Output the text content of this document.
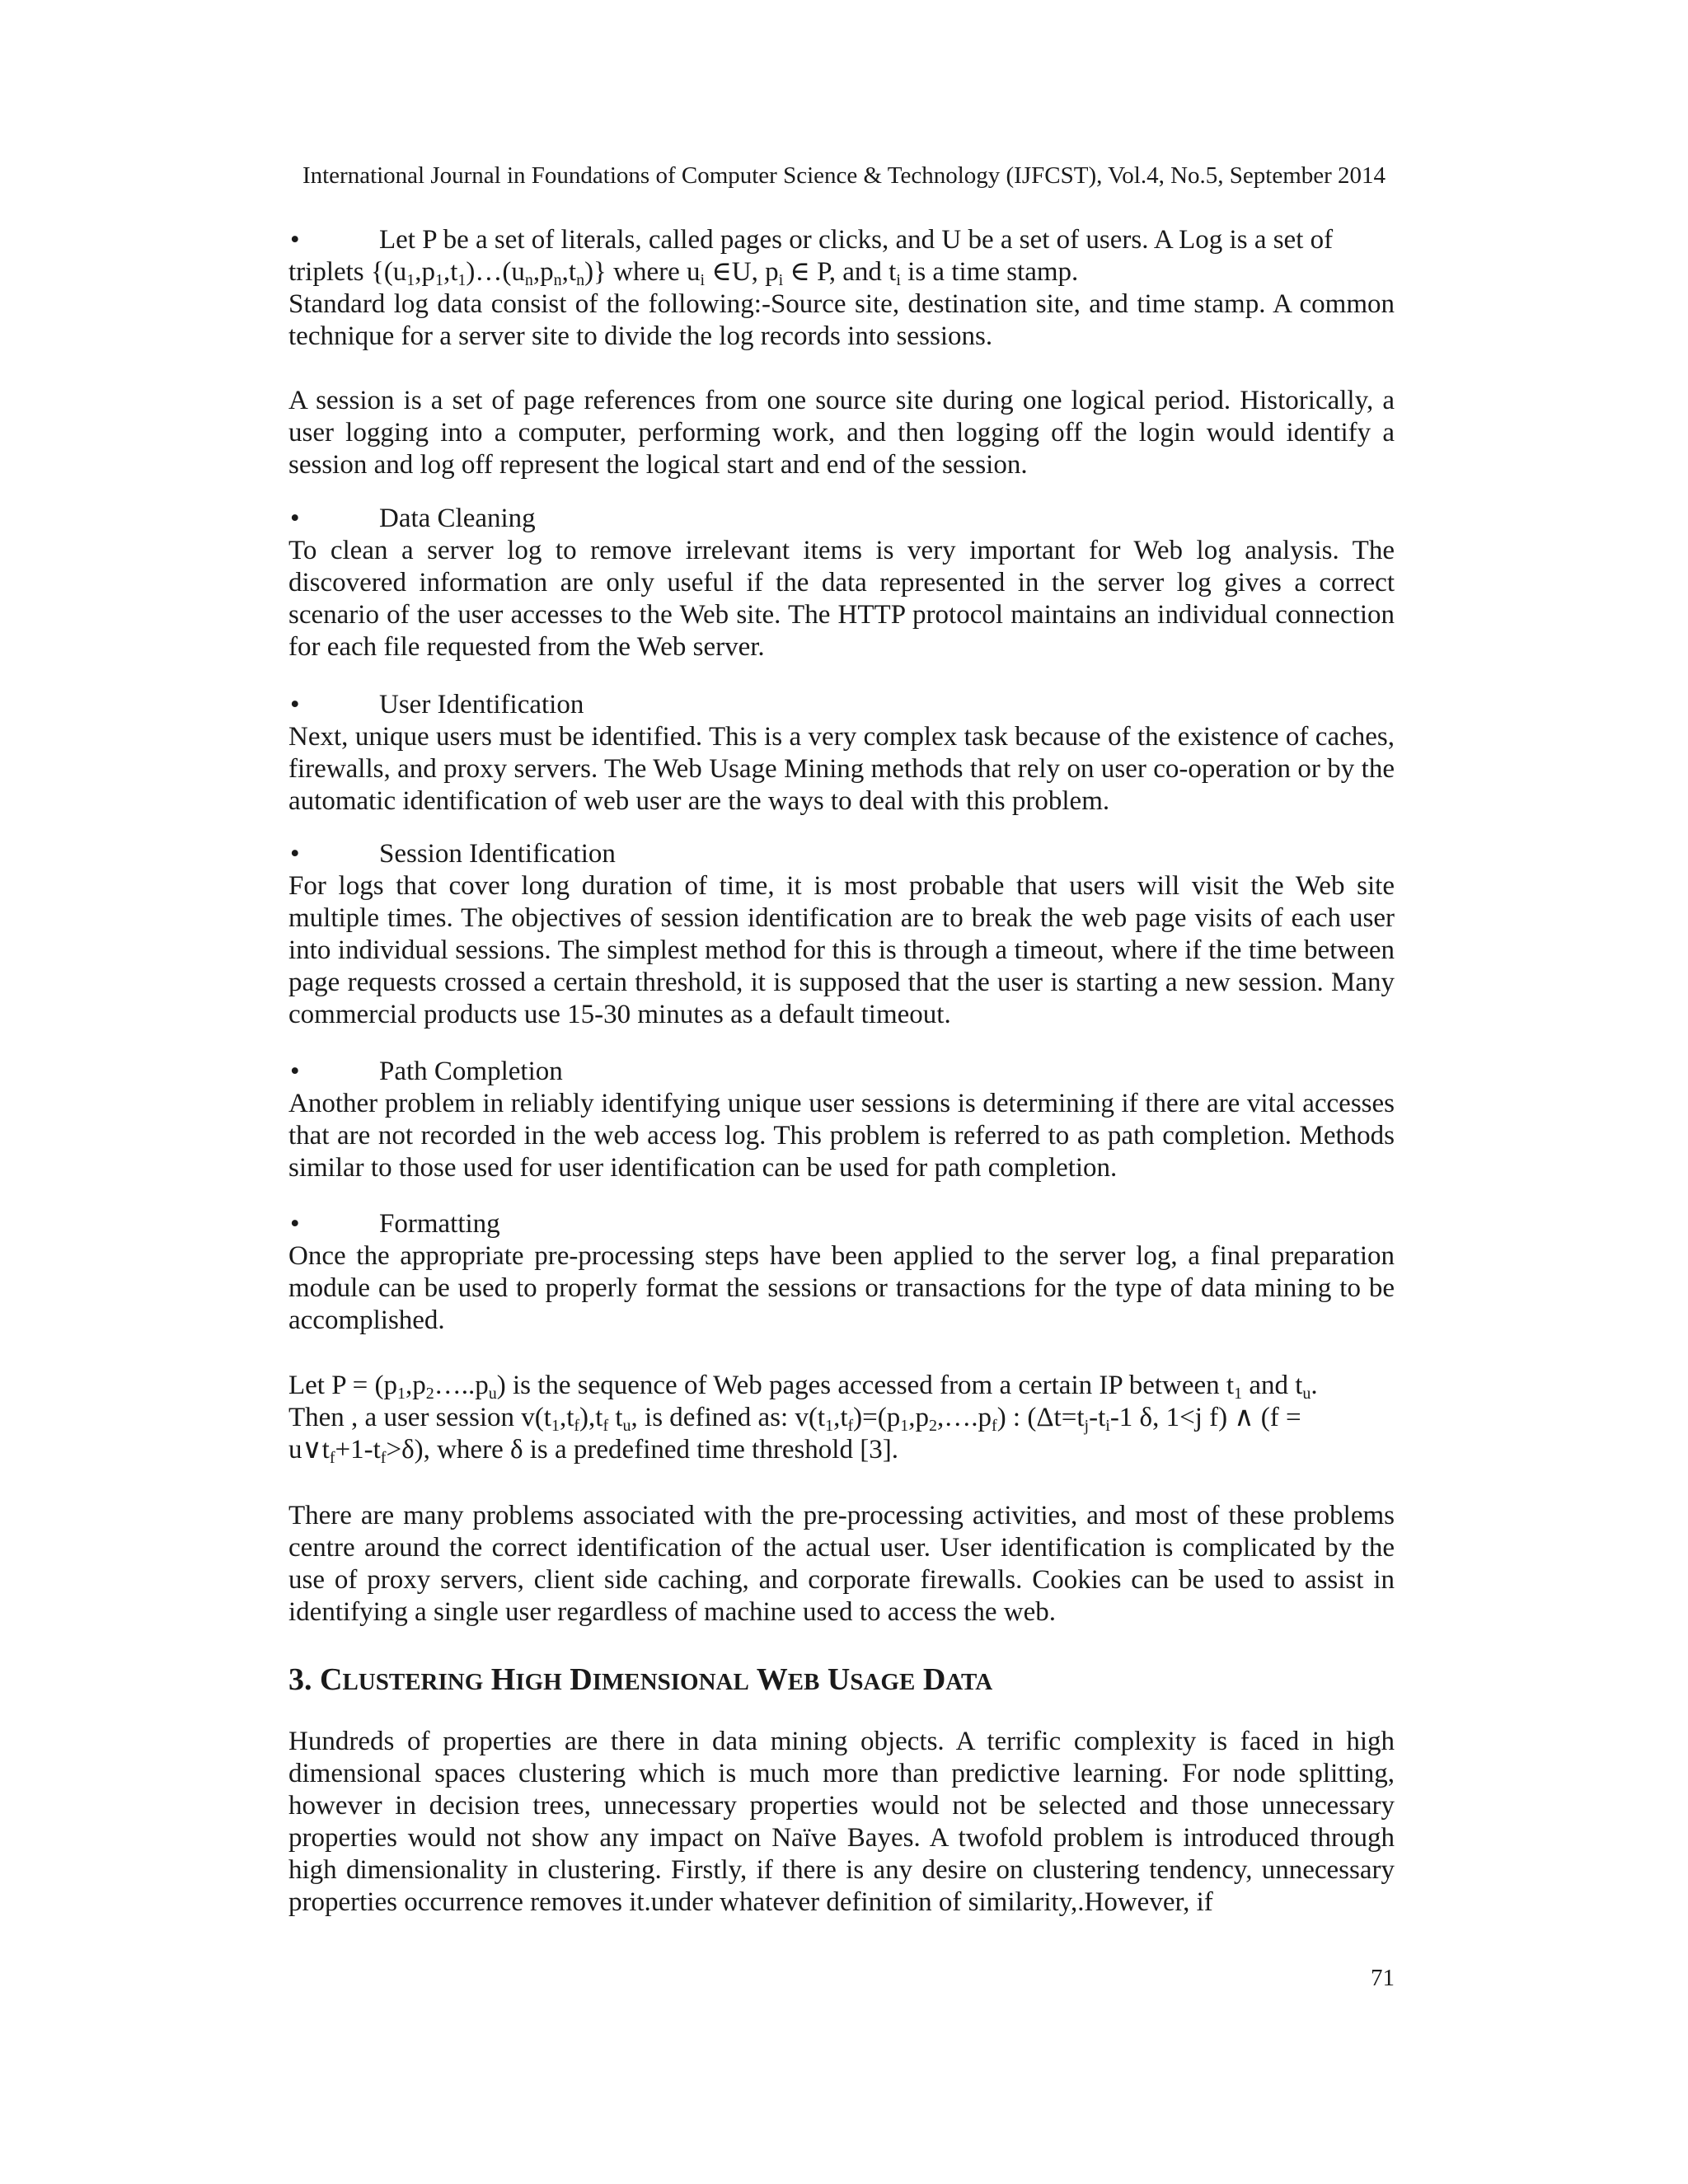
International Journal in Foundations of Computer Science & Technology (IJFCST), Vol.4, No.5, September 2014
•	Let P be a set of literals, called pages or clicks, and U be a set of users. A Log is a set of
triplets $\{(u_1,p_1,t_1)\dots(u_n,p_n,t_n)\}$ where $u_i$ ∈U, $p_i$ ∈ P, and $t_i$ is a time stamp.
Standard log data consist of the following:-Source site, destination site, and time stamp. A common technique for a server site to divide the log records into sessions.
A session is a set of page references from one source site during one logical period. Historically, a user logging into a computer, performing work, and then logging off the login would identify a session and log off represent the logical start and end of the session.
•	Data Cleaning
To clean a server log to remove irrelevant items is very important for Web log analysis. The discovered information are only useful if the data represented in the server log gives a correct scenario of the user accesses to the Web site. The HTTP protocol maintains an individual connection for each file requested from the Web server.
•	User Identification
Next, unique users must be identified. This is a very complex task because of the existence of caches, firewalls, and proxy servers. The Web Usage Mining methods that rely on user co-operation or by the automatic identification of web user are the ways to deal with this problem.
•	Session Identification
For logs that cover long duration of time, it is most probable that users will visit the Web site multiple times. The objectives of session identification are to break the web page visits of each user into individual sessions. The simplest method for this is through a timeout, where if the time between page requests crossed a certain threshold, it is supposed that the user is starting a new session. Many commercial products use 15-30 minutes as a default timeout.
•	Path Completion
Another problem in reliably identifying unique user sessions is determining if there are vital accesses that are not recorded in the web access log. This problem is referred to as path completion. Methods similar to those used for user identification can be used for path completion.
•	Formatting
Once the appropriate pre-processing steps have been applied to the server log, a final preparation module can be used to properly format the sessions or transactions for the type of data mining to be accomplished.
Let $P = (p_1,p_2\dots..p_u)$ is the sequence of Web pages accessed from a certain IP between $t_1$ and $t_u$.
Then , a user session $v(t_1,t_f),t_f$ $t_u$, is defined as: $v(t_1,t_f)=(p_1,p_2,\dots.p_f)$ : ($\Delta t=t_j-t_i-1$ δ, 1<j f) ∧ (f =
$u\vee t_f+1-t_f>\delta$), where δ is a predefined time threshold [3].
There are many problems associated with the pre-processing activities, and most of these problems centre around the correct identification of the actual user. User identification is complicated by the use of proxy servers, client side caching, and corporate firewalls. Cookies can be used to assist in identifying a single user regardless of machine used to access the web.
3. CLUSTERING HIGH DIMENSIONAL WEB USAGE DATA
Hundreds of properties are there in data mining objects. A terrific complexity is faced in high dimensional spaces clustering which is much more than predictive learning. For node splitting, however in decision trees, unnecessary properties would not be selected and those unnecessary properties would not show any impact on Naïve Bayes. A twofold problem is introduced through high dimensionality in clustering. Firstly, if there is any desire on clustering tendency, unnecessary properties occurrence removes it.under whatever definition of similarity,.However, if
71
